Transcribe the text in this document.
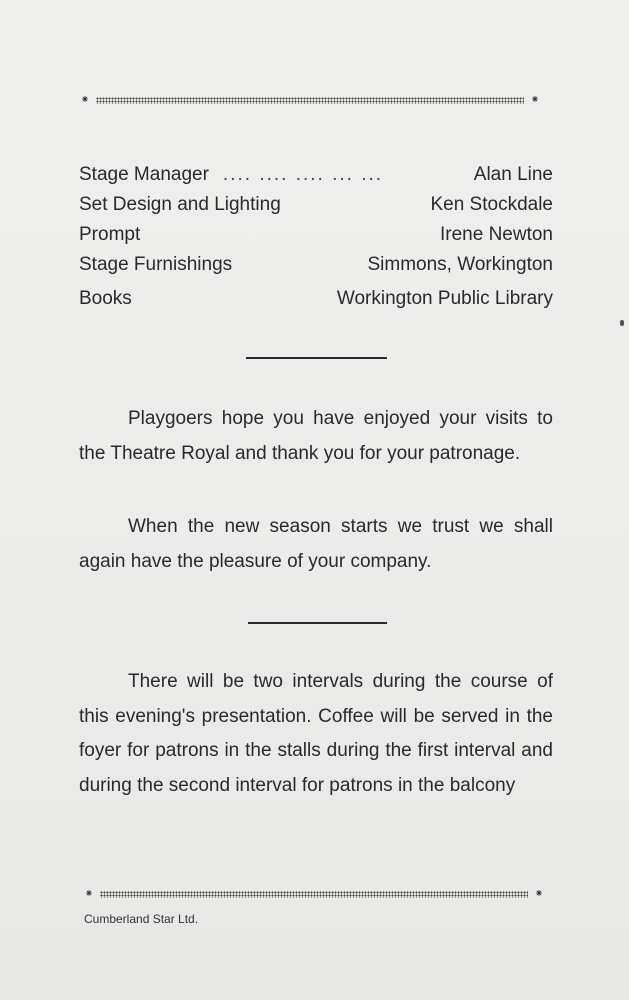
⁕	⁕
Stage Manager .... .... .... ... ...	Alan Line
Set Design and Lighting	Ken Stockdale
Prompt	Irene Newton
Stage Furnishings	Simmons, Workington
Books	Workington Public Library
Playgoers hope you have enjoyed your visits to the Theatre Royal and thank you for your patronage.
When the new season starts we trust we shall again have the pleasure of your company.
There will be two intervals during the course of this evening's presentation. Coffee will be served in the foyer for patrons in the stalls during the first interval and during the second interval for patrons in the balcony
⁕	⁕
Cumberland Star Ltd.
